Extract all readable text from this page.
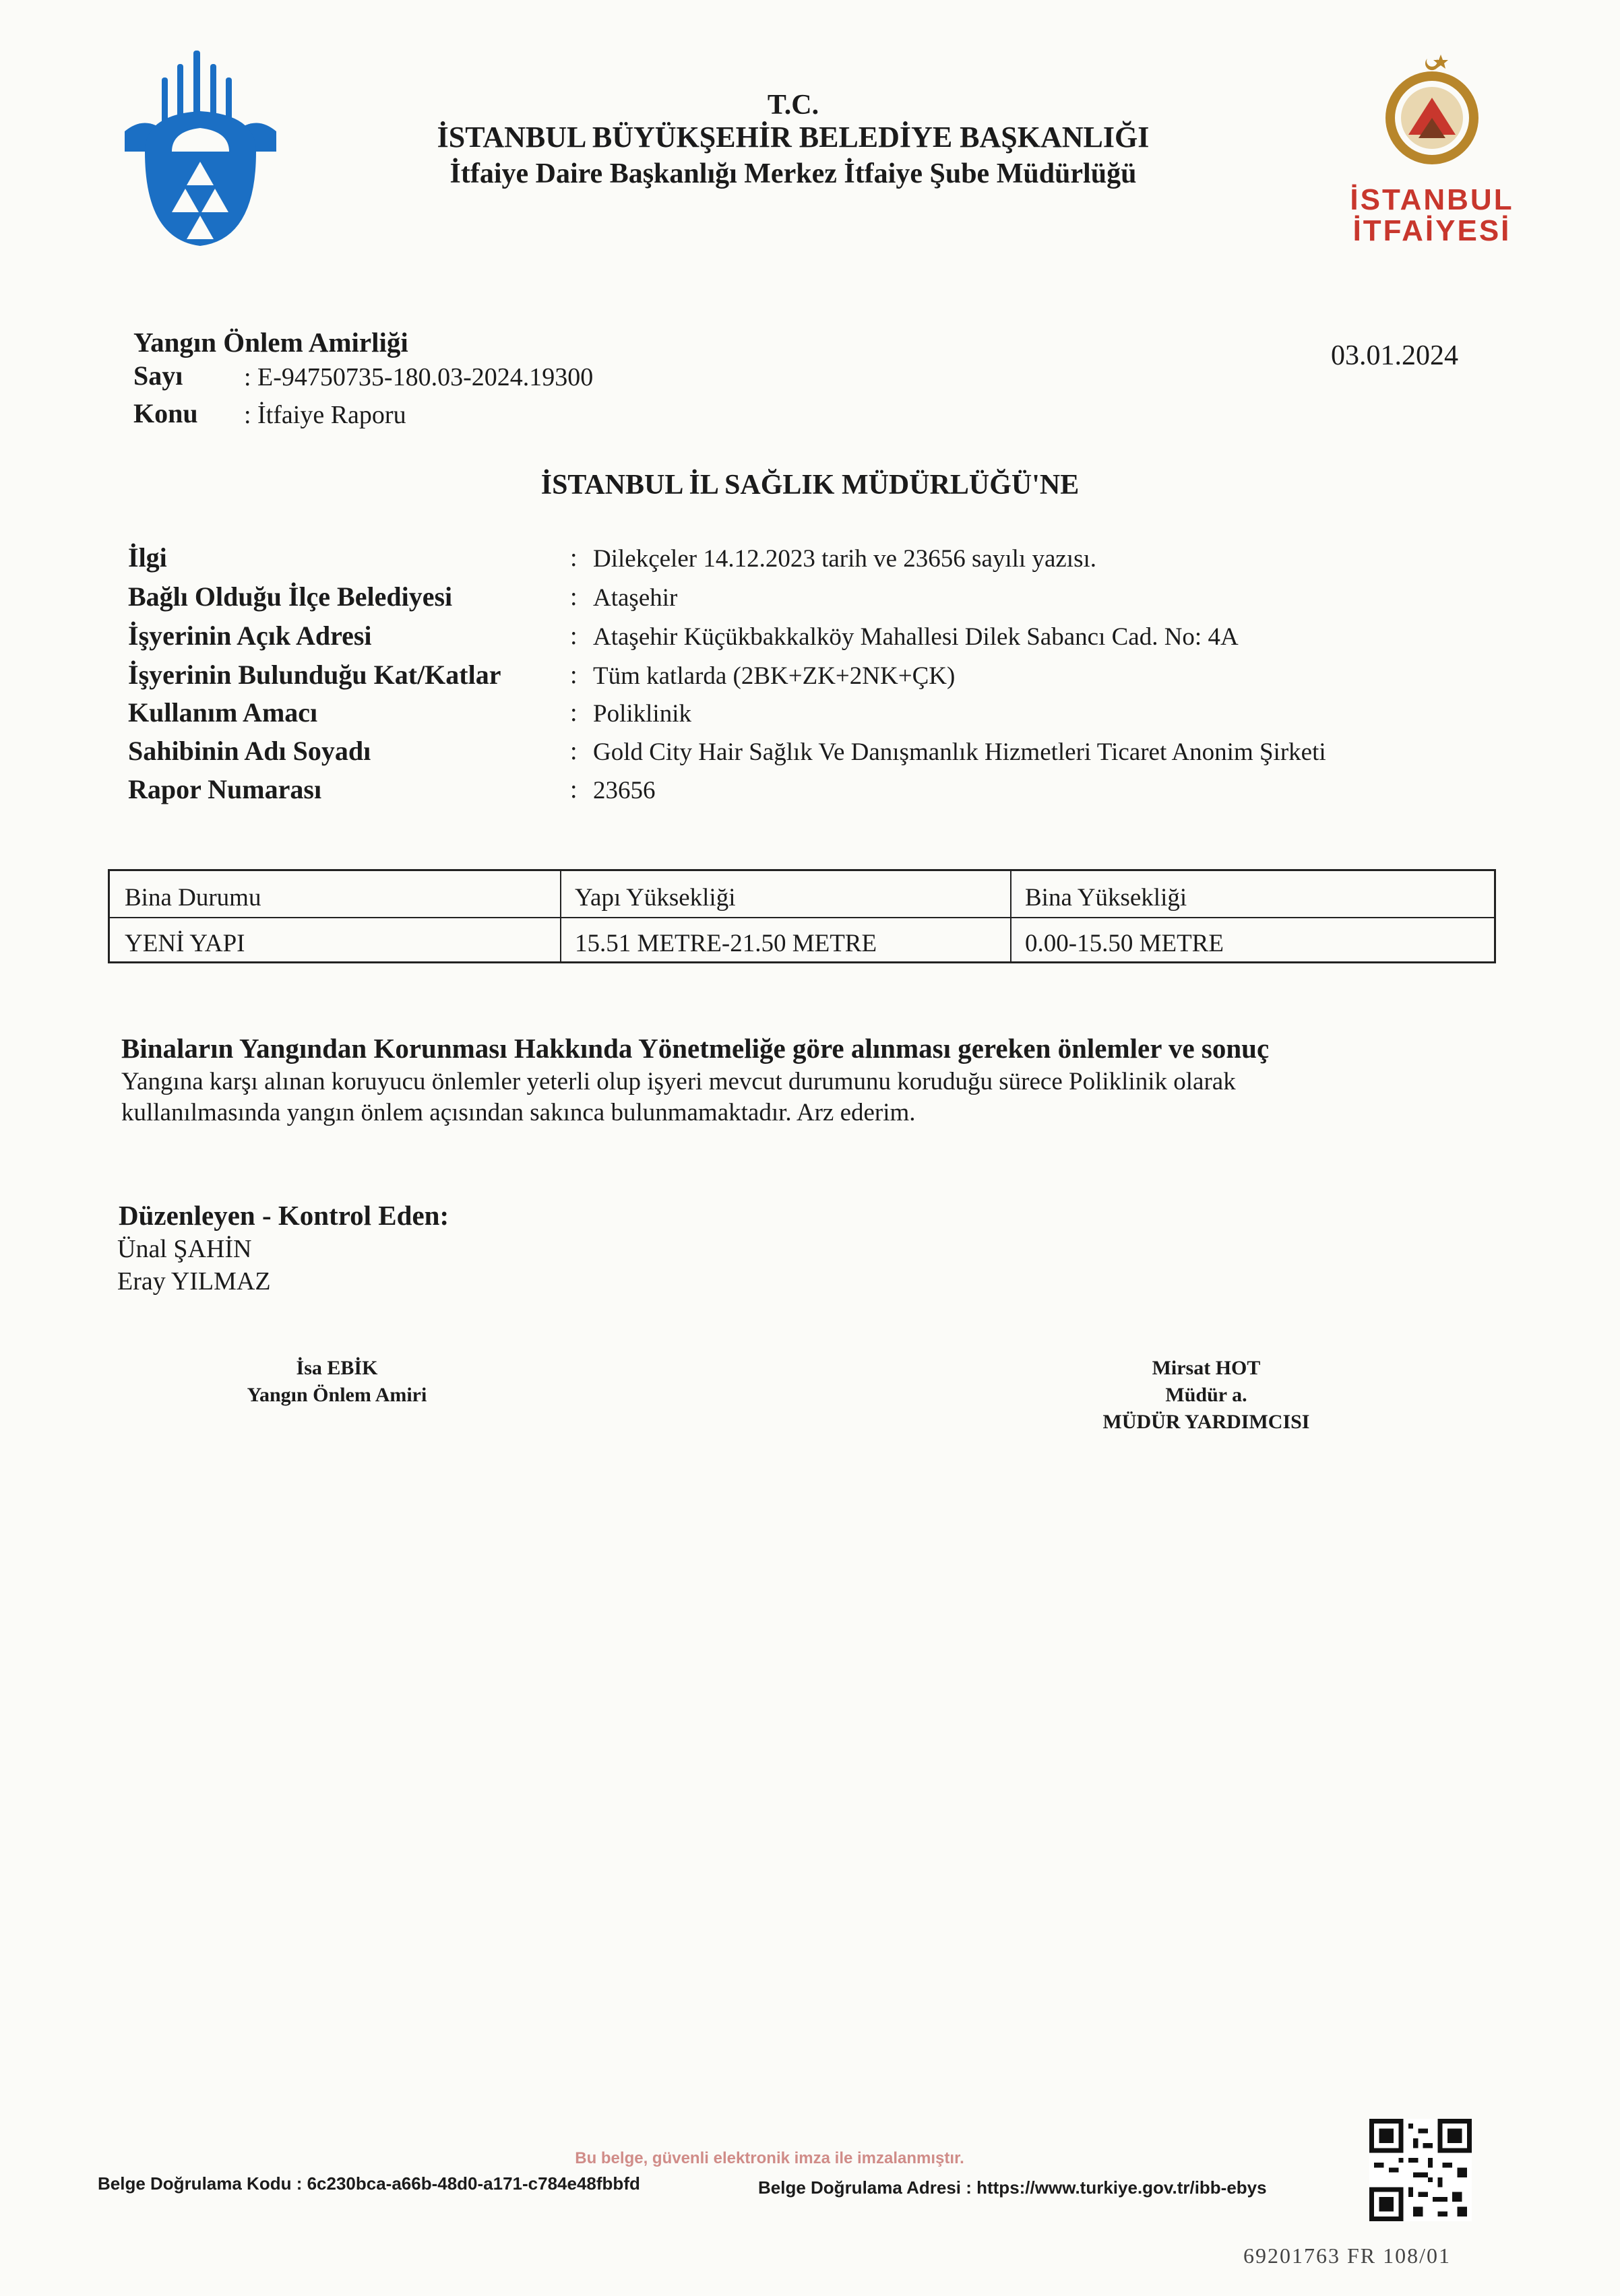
T.C.
İSTANBUL BÜYÜKŞEHİR BELEDİYE BAŞKANLIĞI
İtfaiye Daire Başkanlığı Merkez İtfaiye Şube Müdürlüğü
İSTANBUL
İTFAİYESİ
Yangın Önlem Amirliği
Sayı : E-94750735-180.03-2024.19300
Konu : İtfaiye Raporu
03.01.2024
İSTANBUL İL SAĞLIK MÜDÜRLÜĞÜ'NE
İlgi	: Dilekçeler 14.12.2023 tarih ve 23656 sayılı yazısı.
Bağlı Olduğu İlçe Belediyesi	: Ataşehir
İşyerinin Açık Adresi	: Ataşehir Küçükbakkalköy Mahallesi Dilek Sabancı Cad. No: 4A
İşyerinin Bulunduğu Kat/Katlar	: Tüm katlarda (2BK+ZK+2NK+ÇK)
Kullanım Amacı	: Poliklinik
Sahibinin Adı Soyadı	: Gold City Hair Sağlık Ve Danışmanlık Hizmetleri Ticaret Anonim Şirketi
Rapor Numarası	: 23656
Bina Durumu	Yapı Yüksekliği	Bina Yüksekliği
YENİ YAPI	15.51 METRE-21.50 METRE	0.00-15.50 METRE
Binaların Yangından Korunması Hakkında Yönetmeliğe göre alınması gereken önlemler ve sonuç
Yangına karşı alınan koruyucu önlemler yeterli olup işyeri mevcut durumunu koruduğu sürece Poliklinik olarak
kullanılmasında yangın önlem açısından sakınca bulunmamaktadır. Arz ederim.
Düzenleyen - Kontrol Eden:
Ünal ŞAHİN
Eray YILMAZ
İsa EBİK
Yangın Önlem Amiri
Mirsat HOT
Müdür a.
MÜDÜR YARDIMCISI
Bu belge, güvenli elektronik imza ile imzalanmıştır.
Belge Doğrulama Kodu : 6c230bca-a66b-48d0-a171-c784e48fbbfd	Belge Doğrulama Adresi : https://www.turkiye.gov.tr/ibb-ebys
69201763 FR 108/01
